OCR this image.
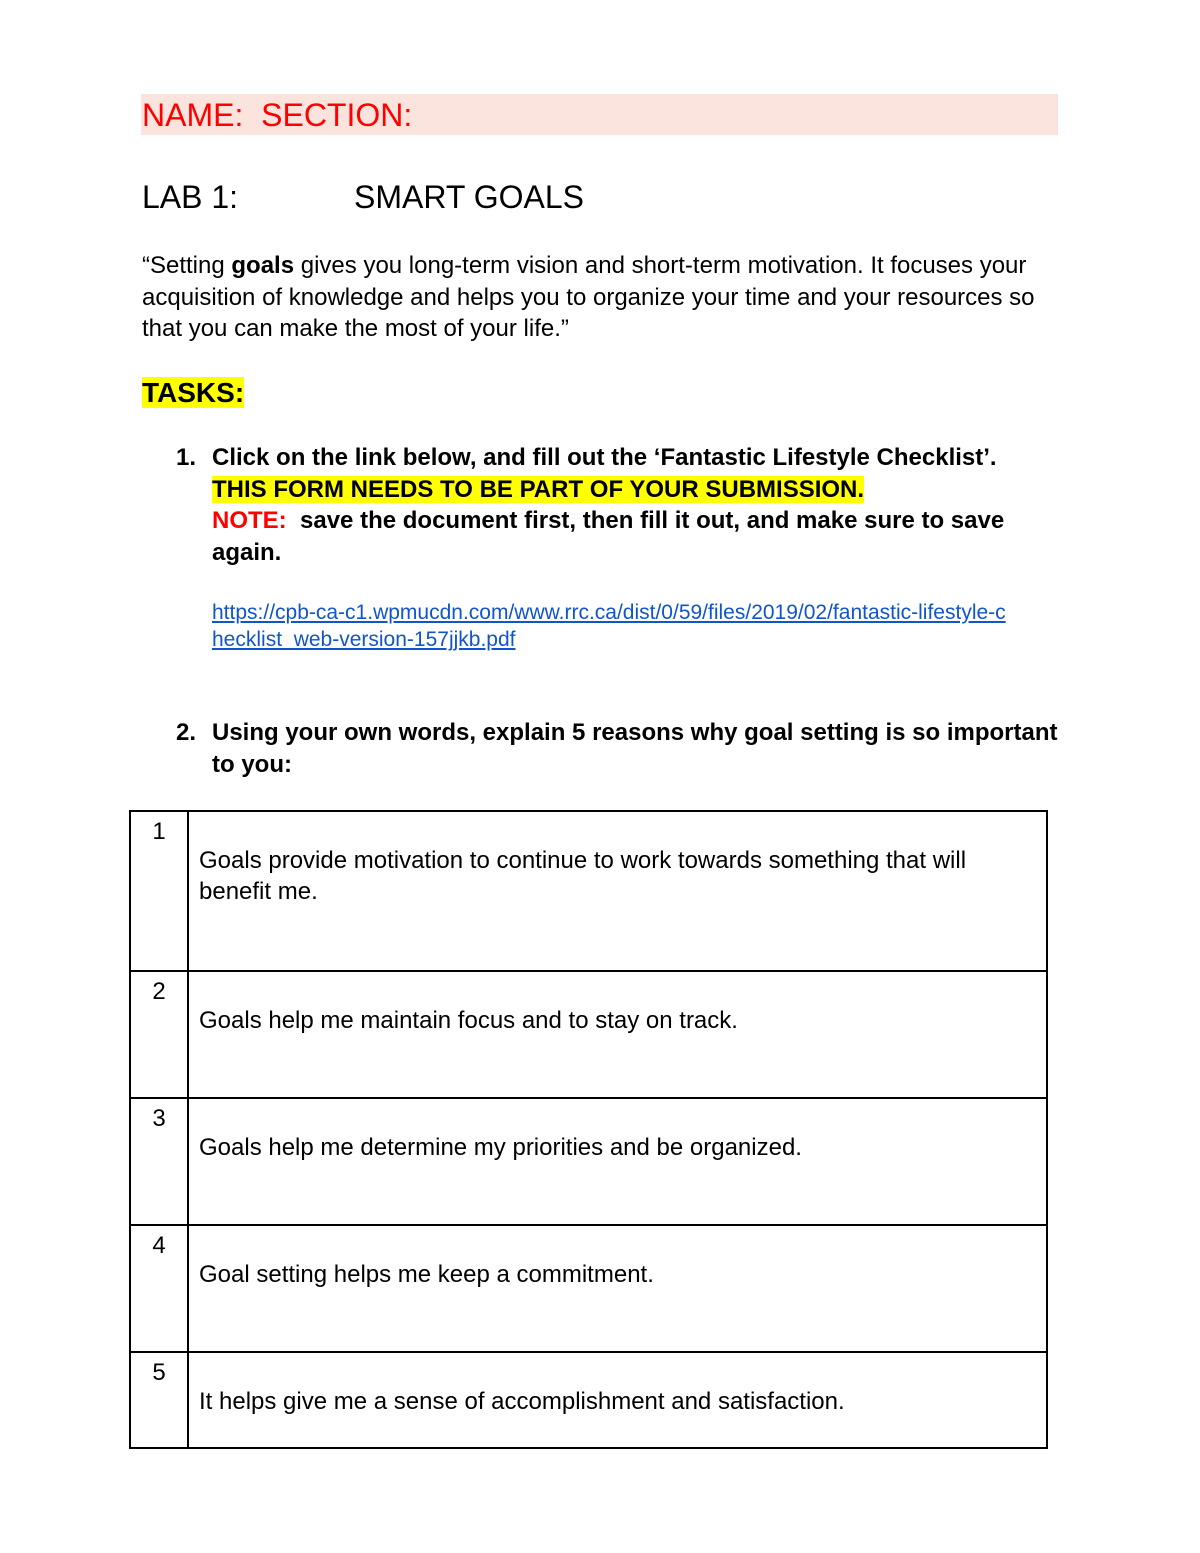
NAME: SECTION:
LAB 1:	SMART GOALS
“Setting goals gives you long-term vision and short-term motivation. It focuses your acquisition of knowledge and helps you to organize your time and your resources so that you can make the most of your life.”
TASKS:
1. Click on the link below, and fill out the ‘Fantastic Lifestyle Checklist’.  THIS FORM NEEDS TO BE PART OF YOUR SUBMISSION.
NOTE: save the document first, then fill it out, and make sure to save again.
https://cpb-ca-c1.wpmucdn.com/www.rrc.ca/dist/0/59/files/2019/02/fantastic-lifestyle-checklist_web-version-157jjkb.pdf
2. Using your own words, explain 5 reasons why goal setting is so important to you:
1	Goals provide motivation to continue to work towards something that will benefit me.
2	Goals help me maintain focus and to stay on track.
3	Goals help me determine my priorities and be organized.
4	Goal setting helps me keep a commitment.
5	It helps give me a sense of accomplishment and satisfaction.
